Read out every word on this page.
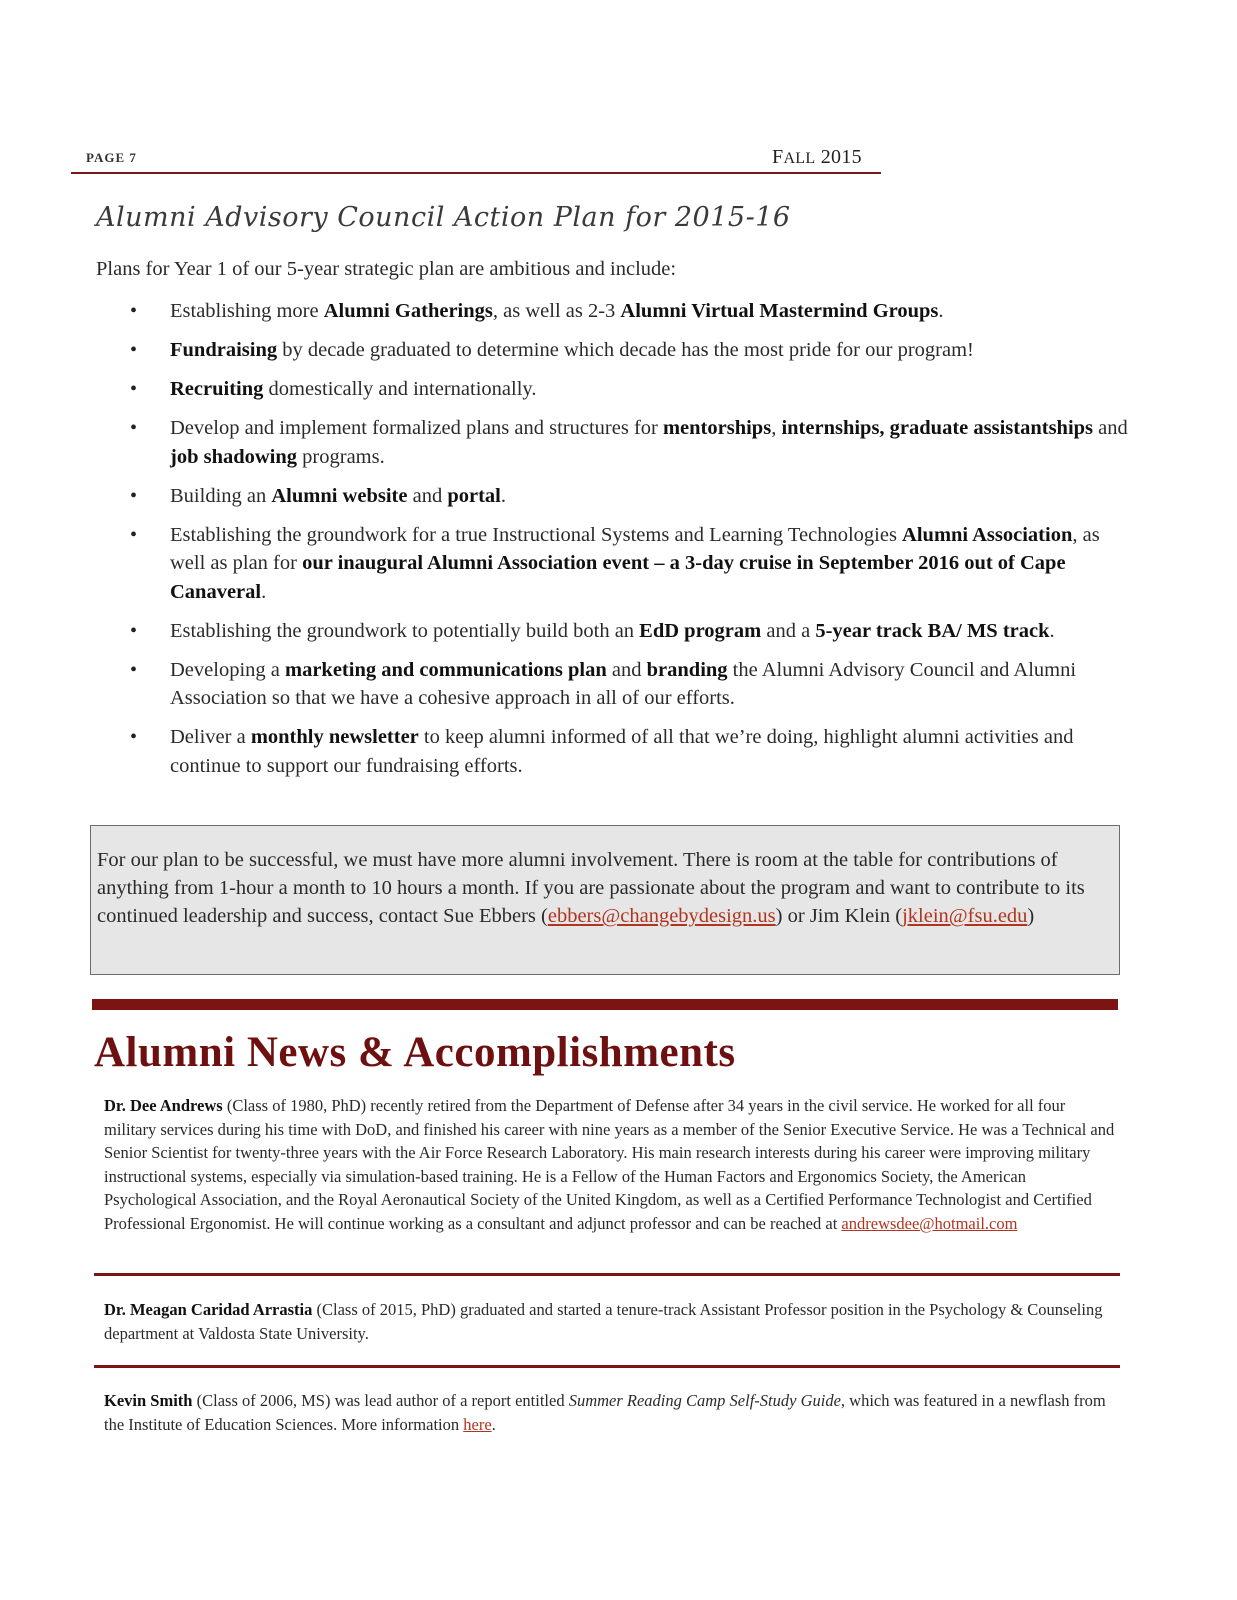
PAGE 7	FALL 2015
Alumni Advisory Council Action Plan for 2015-16
Plans for Year 1 of our 5-year strategic plan are ambitious and include:
• Establishing more Alumni Gatherings, as well as 2-3 Alumni Virtual Mastermind Groups.
• Fundraising by decade graduated to determine which decade has the most pride for our program!
• Recruiting domestically and internationally.
• Develop and implement formalized plans and structures for mentorships, internships, graduate assistantships and job shadowing programs.
• Building an Alumni website and portal.
• Establishing the groundwork for a true Instructional Systems and Learning Technologies Alumni Association, as well as plan for our inaugural Alumni Association event – a 3-day cruise in September 2016 out of Cape Canaveral.
• Establishing the groundwork to potentially build both an EdD program and a 5-year track BA/ MS track.
• Developing a marketing and communications plan and branding the Alumni Advisory Council and Alumni Association so that we have a cohesive approach in all of our efforts.
• Deliver a monthly newsletter to keep alumni informed of all that we’re doing, highlight alumni activities and continue to support our fundraising efforts.
For our plan to be successful, we must have more alumni involvement. There is room at the table for contributions of anything from 1-hour a month to 10 hours a month. If you are passionate about the program and want to contribute to its continued leadership and success, contact Sue Ebbers (ebbers@changebydesign.us) or Jim Klein (jklein@fsu.edu)
Alumni News & Accomplishments
Dr. Dee Andrews (Class of 1980, PhD) recently retired from the Department of Defense after 34 years in the civil service. He worked for all four military services during his time with DoD, and finished his career with nine years as a member of the Senior Executive Service. He was a Technical and Senior Scientist for twenty-three years with the Air Force Research Laboratory. His main research interests during his career were improving military instructional systems, especially via simulation-based training. He is a Fellow of the Human Factors and Ergonomics Society, the American Psychological Association, and the Royal Aeronautical Society of the United Kingdom, as well as a Certified Performance Technologist and Certified Professional Ergonomist. He will continue working as a consultant and adjunct professor and can be reached at andrewsdee@hotmail.com
Dr. Meagan Caridad Arrastia (Class of 2015, PhD) graduated and started a tenure-track Assistant Professor position in the Psychology & Counseling department at Valdosta State University.
Kevin Smith (Class of 2006, MS) was lead author of a report entitled Summer Reading Camp Self-Study Guide, which was featured in a newflash from the Institute of Education Sciences. More information here.
